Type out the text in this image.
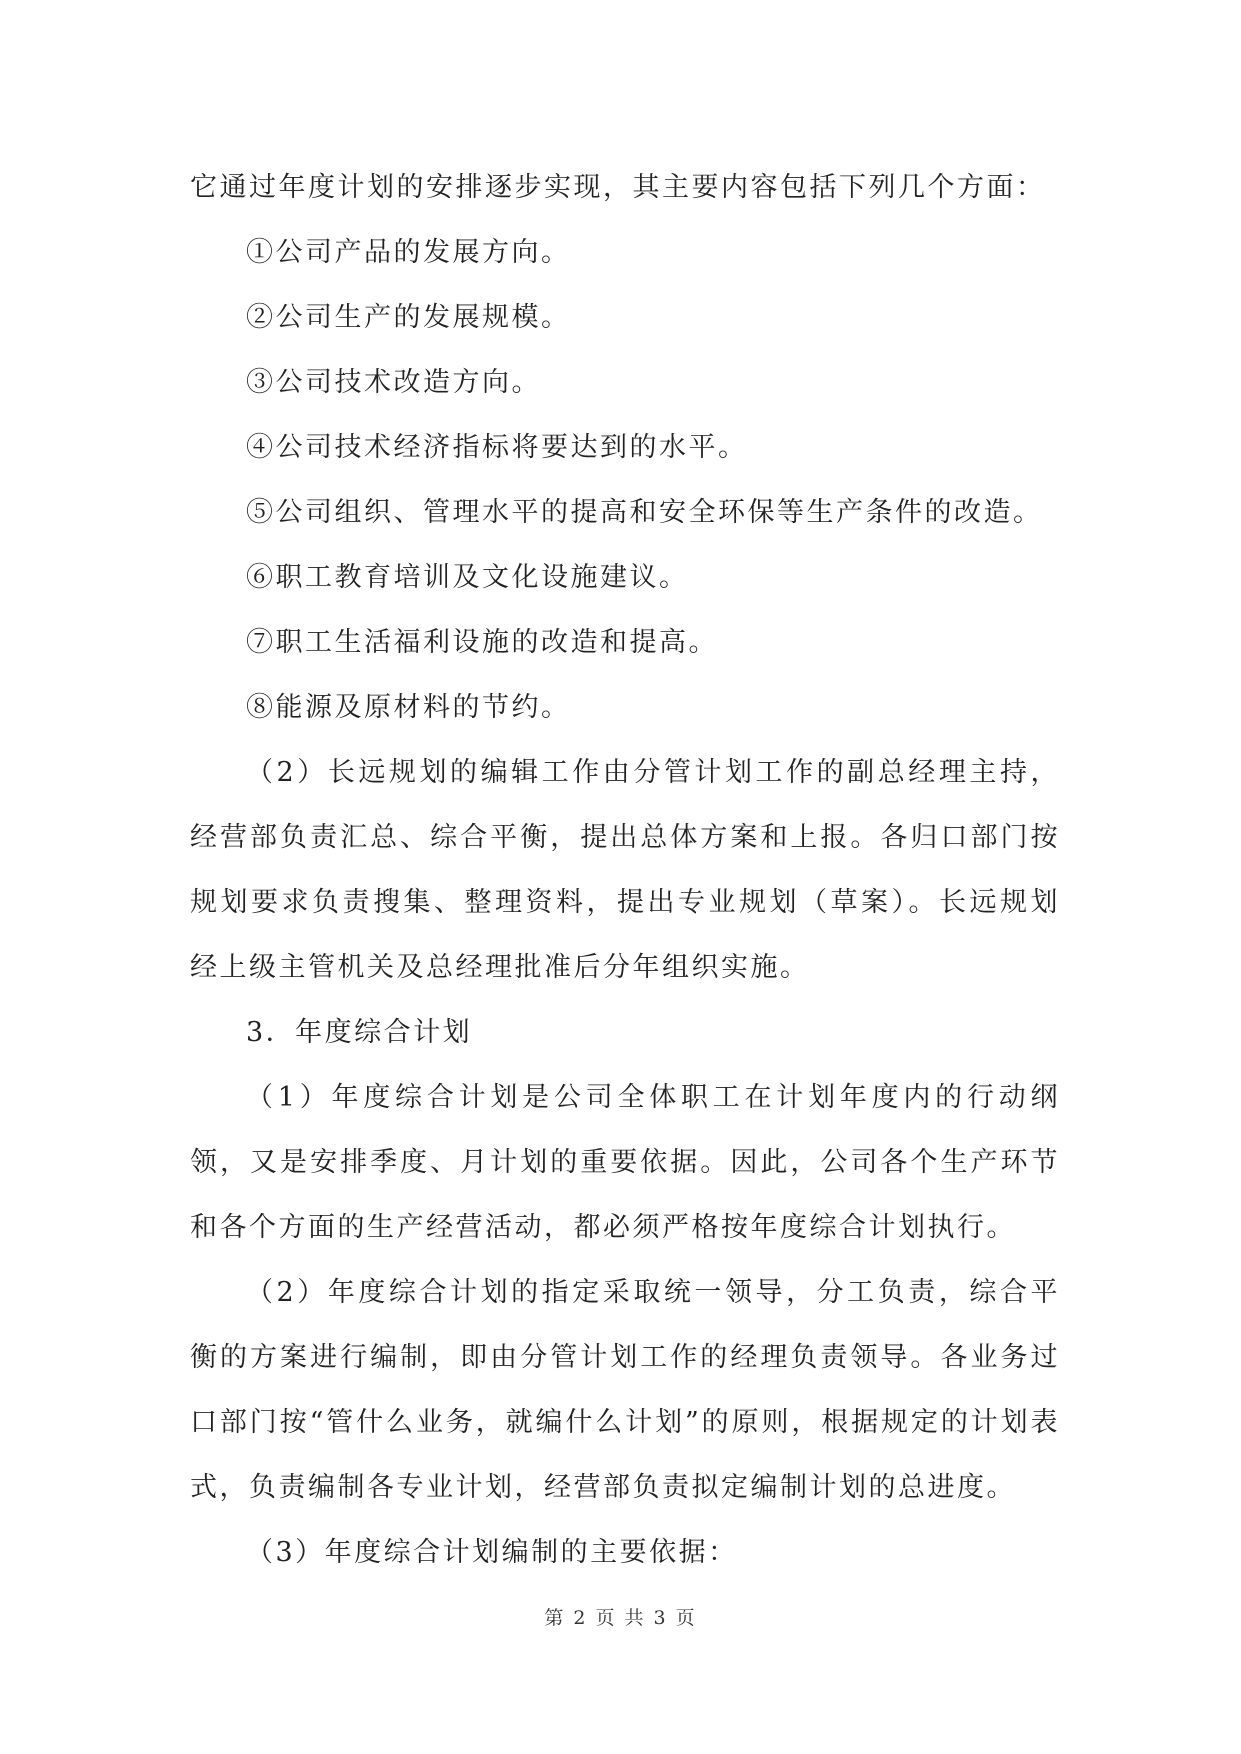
它通过年度计划的安排逐步实现，其主要内容包括下列几个方面：

①公司产品的发展方向。

②公司生产的发展规模。

③公司技术改造方向。

④公司技术经济指标将要达到的水平。

⑤公司组织、管理水平的提高和安全环保等生产条件的改造。

⑥职工教育培训及文化设施建议。

⑦职工生活福利设施的改造和提高。

⑧能源及原材料的节约。

（2）长远规划的编辑工作由分管计划工作的副总经理主持，经营部负责汇总、综合平衡，提出总体方案和上报。各归口部门按规划要求负责搜集、整理资料，提出专业规划（草案）。长远规划经上级主管机关及总经理批准后分年组织实施。

3．年度综合计划

（1）年度综合计划是公司全体职工在计划年度内的行动纲领，又是安排季度、月计划的重要依据。因此，公司各个生产环节和各个方面的生产经营活动，都必须严格按年度综合计划执行。

（2）年度综合计划的指定采取统一领导，分工负责，综合平衡的方案进行编制，即由分管计划工作的经理负责领导。各业务过口部门按“管什么业务，就编什么计划”的原则，根据规定的计划表式，负责编制各专业计划，经营部负责拟定编制计划的总进度。

（3）年度综合计划编制的主要依据：

第 2 页 共 3 页
